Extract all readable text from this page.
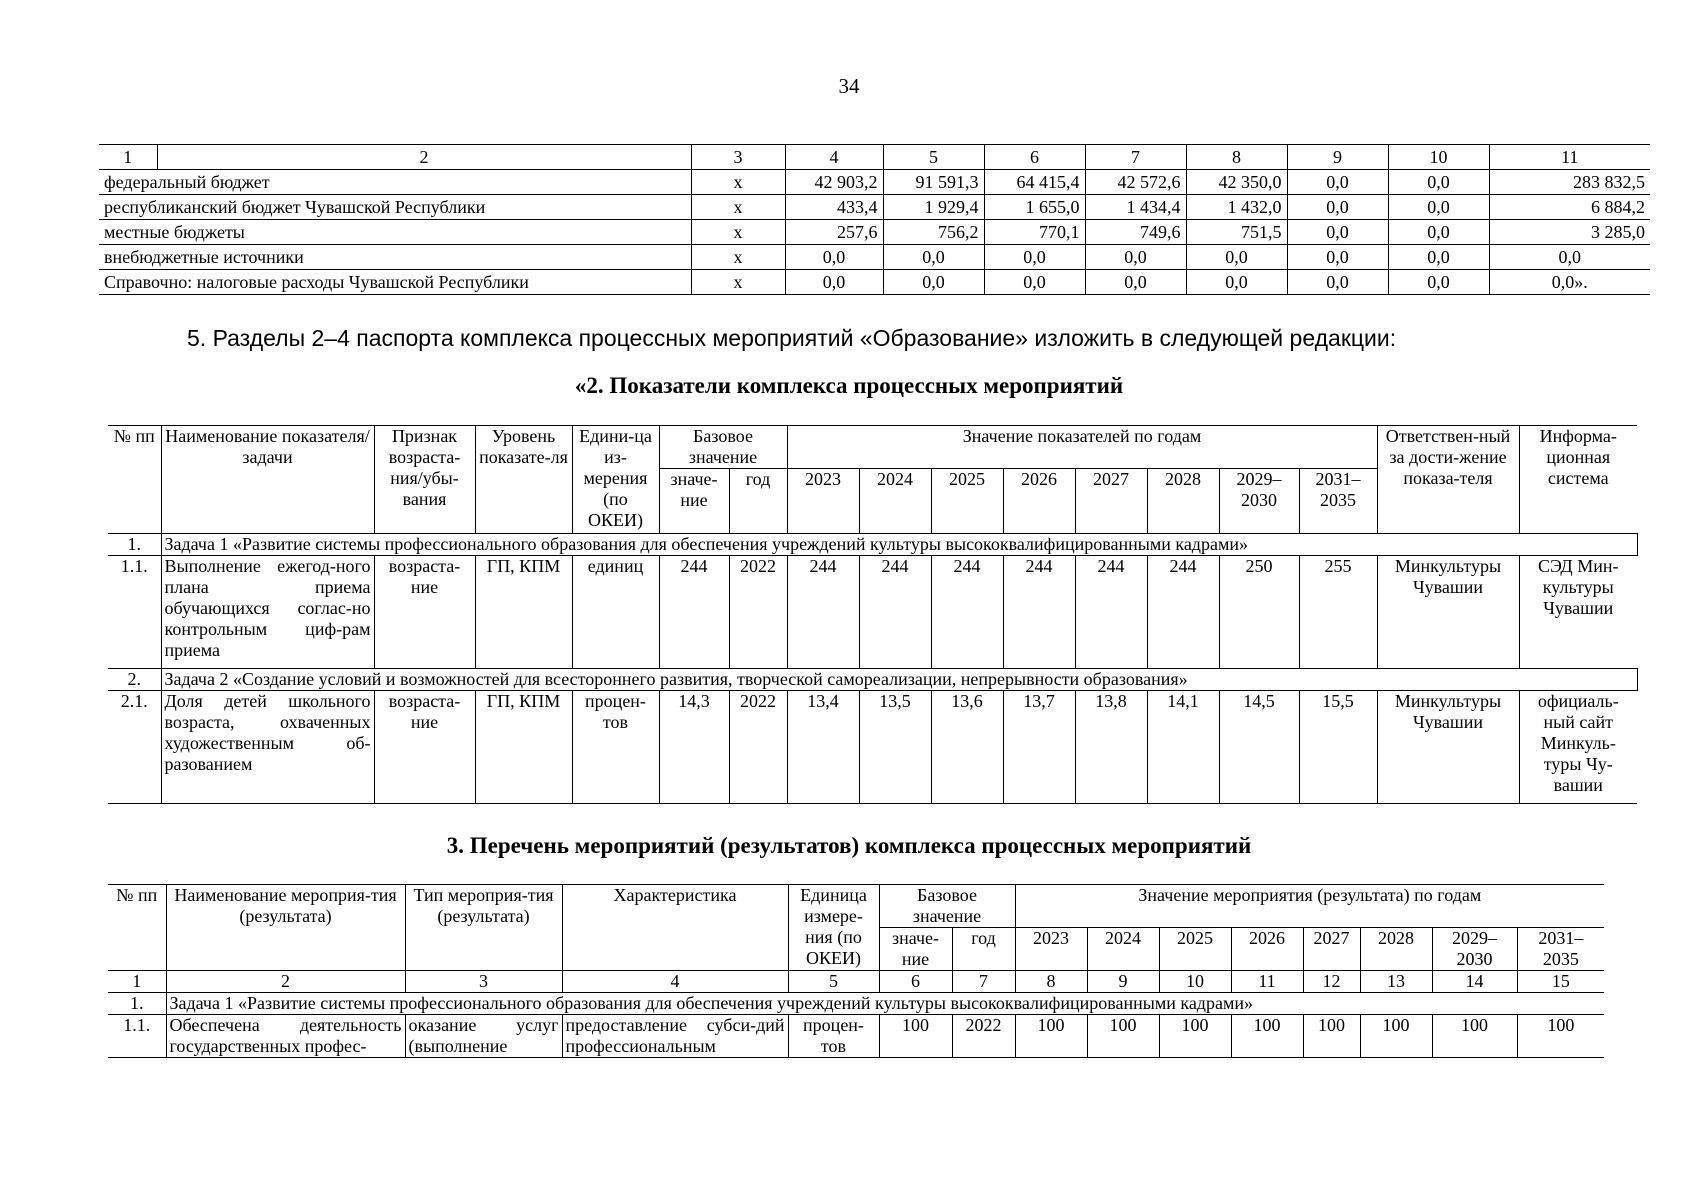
34
1	2	3	4	5	6	7	8	9	10	11
федеральный бюджет		х	42 903,2	91 591,3	64 415,4	42 572,6	42 350,0	0,0	0,0	283 832,5
республиканский бюджет Чувашской Республики		х	433,4	1 929,4	1 655,0	1 434,4	1 432,0	0,0	0,0	6 884,2
местные бюджеты		х	257,6	756,2	770,1	749,6	751,5	0,0	0,0	3 285,0
внебюджетные источники		х	0,0	0,0	0,0	0,0	0,0	0,0	0,0	0,0
Справочно: налоговые расходы Чувашской Республики		х	0,0	0,0	0,0	0,0	0,0	0,0	0,0	0,0».
5. Разделы 2–4 паспорта комплекса процессных мероприятий «Образование» изложить в следующей редакции:
«2. Показатели комплекса процессных мероприятий
№ пп	Наименование показателя/задачи	Признак возраста-ния/убы-вания	Уровень показате-ля	Едини-ца из-мерения (по ОКЕИ)	Базовое значение		Значение показателей по годам								Ответствен-ный за дости-жение показа-теля	Информа-ционная система
					значе-ние	год	2023	2024	2025	2026	2027	2028	2029–2030	2031–2035		
1.	Задача 1 «Развитие системы профессионального образования для обеспечения учреждений культуры высококвалифицированными кадрами»															
1.1.	Выполнение ежегод-ного плана приема обучающихся соглас-но контрольным циф-рам приема	возраста-ние	ГП, КПМ	единиц	244	2022	244	244	244	244	244	244	250	255	Минкультуры Чувашии	СЭД Мин-культуры Чувашии
2.	Задача 2 «Создание условий и возможностей для всестороннего развития, творческой самореализации, непрерывности образования»															
2.1.	Доля детей школьного возраста, охваченных художественным об-разованием	возраста-ние	ГП, КПМ	процен-тов	14,3	2022	13,4	13,5	13,6	13,7	13,8	14,1	14,5	15,5	Минкультуры Чувашии	официаль-ный сайт Минкуль-туры Чу-вашии
3. Перечень мероприятий (результатов) комплекса процессных мероприятий
№ пп	Наименование мероприя-тия (результата)	Тип мероприя-тия (результата)	Характеристика	Единица измере-ния (по ОКЕИ)	Базовое значение		Значение мероприятия (результата) по годам							
					значе-ние	год	2023	2024	2025	2026	2027	2028	2029–2030	2031–2035
1	2	3	4	5	6	7	8	9	10	11	12	13	14	15
1.	Задача 1 «Развитие системы профессионального образования для обеспечения учреждений культуры высококвалифицированными кадрами»													
1.1.	Обеспечена деятельность государственных профес-	оказание услуг (выполнение	предоставление субси-дий профессиональным	процен-тов	100	2022	100	100	100	100	100	100	100	100
